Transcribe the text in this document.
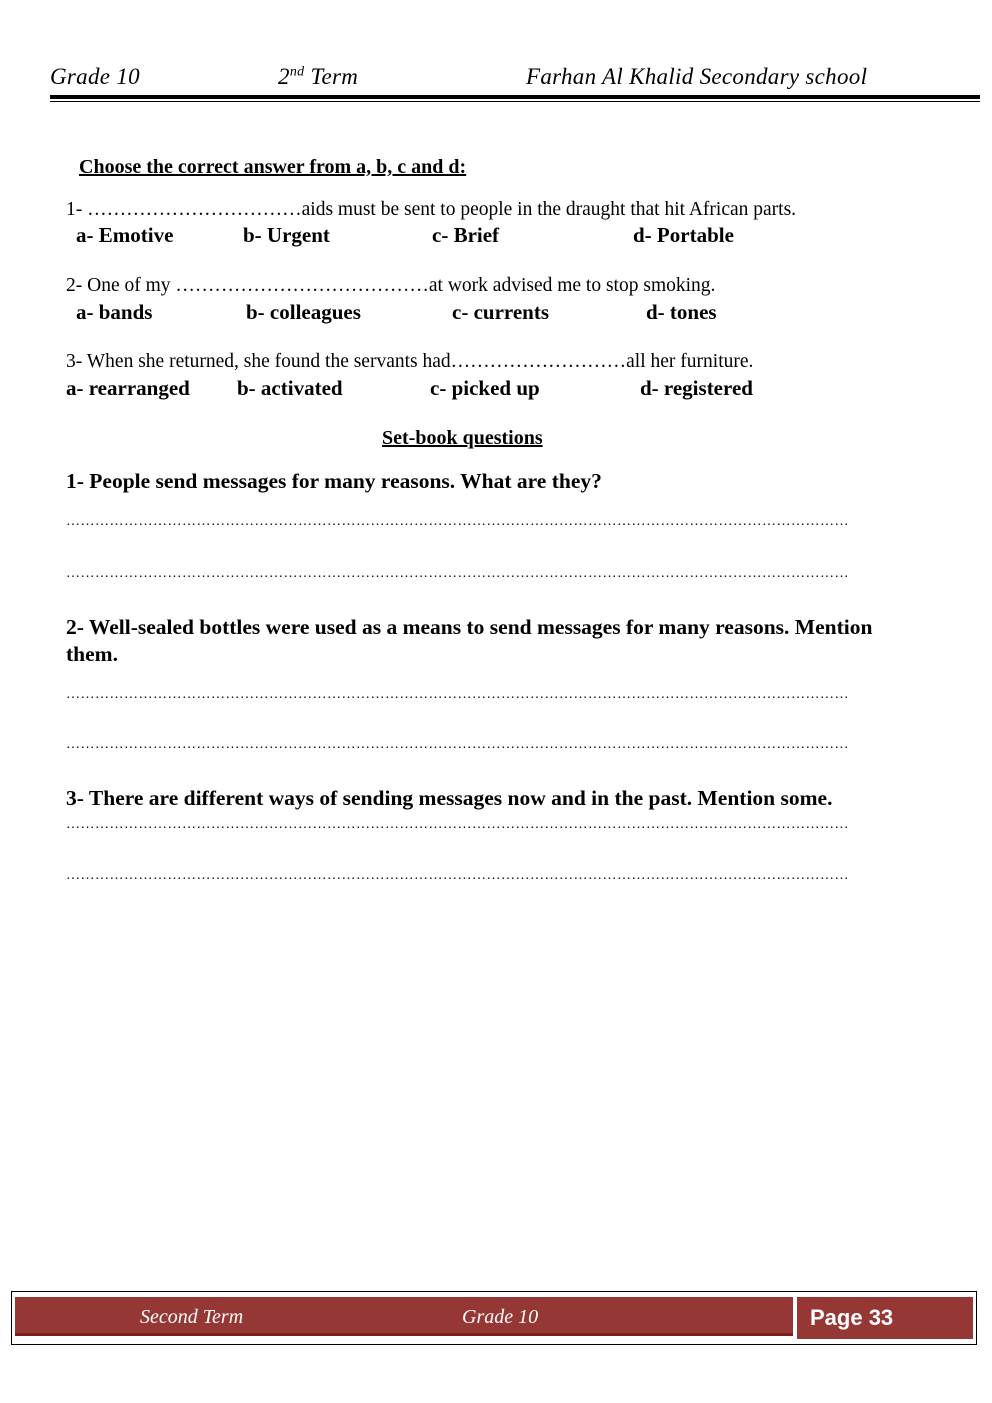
Grade 10	2nd Term	Farhan Al Khalid Secondary school
Choose the correct answer from a, b, c and d:
1- ……………………………aids must be sent to people in the draught that hit African parts.
a- Emotive	b- Urgent	c- Brief	d- Portable
2- One of my …………………………………at work advised me to stop smoking.
a- bands	b- colleagues	c- currents	d- tones
3- When she returned, she found the servants had………………………all her furniture.
a- rearranged b- activated	c- picked up	d- registered
Set-book questions
1- People send messages for many reasons. What are they?
………………………………………………………………………………………………………………………………………………
………………………………………………………………………………………………………………………………………………
2- Well-sealed bottles were used as a means to send messages for many reasons. Mention them.
………………………………………………………………………………………………………………………………………………
………………………………………………………………………………………………………………………………………………
3- There are different ways of sending messages now and in the past. Mention some.
………………………………………………………………………………………………………………………………………………
………………………………………………………………………………………………………………………………………………
Second Term	Grade 10	Page 33
